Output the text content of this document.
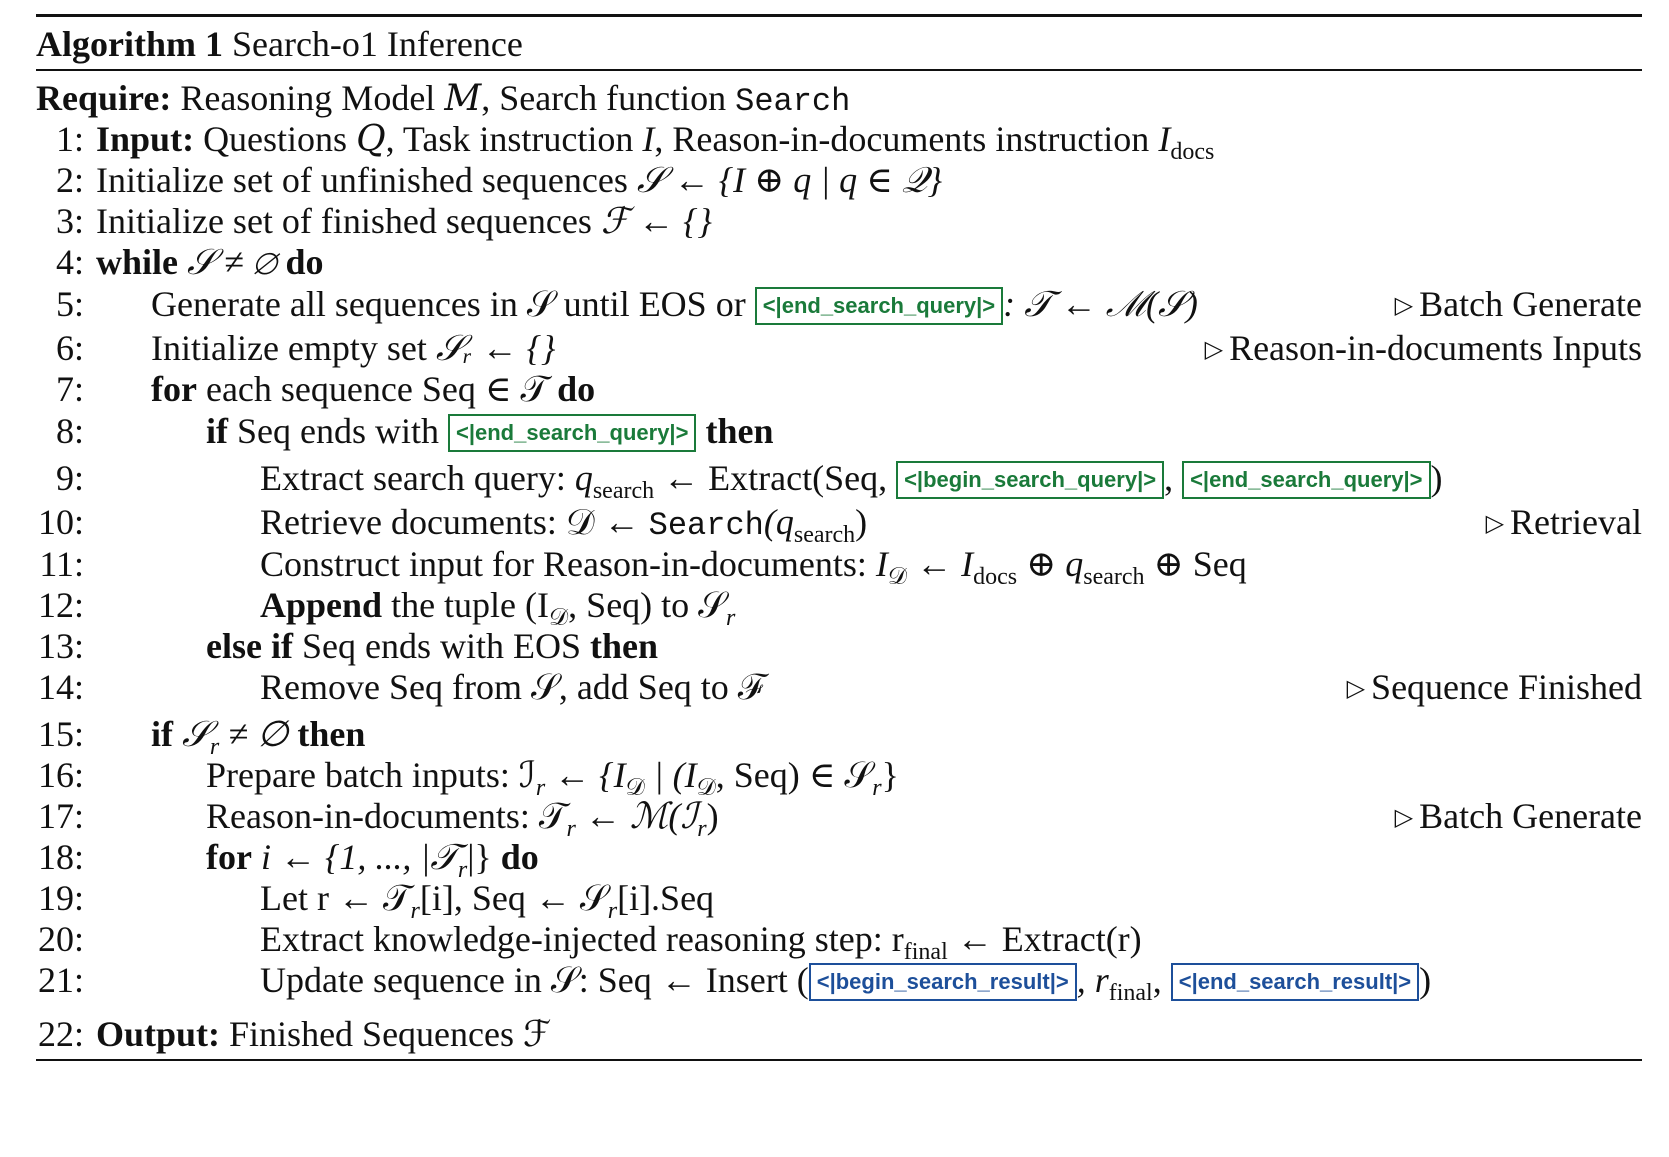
Algorithm 1 Search-o1 Inference
Require: Reasoning Model M, Search function Search
1: Input: Questions Q, Task instruction I, Reason-in-documents instruction $I_{docs}$
2: Initialize set of unfinished sequences 𝒮 ← {I ⊕ q | q ∈ 𝒬}
3: Initialize set of finished sequences ℱ ← {}
4: while 𝒮 ≠ ∅ do
5: Generate all sequences in 𝒮 until EOS or <|end_search_query|> : 𝒯 ← ℳ(𝒮)	▷ Batch Generate
6: Initialize empty set 𝒮ᵣ ← {}	▷ Reason-in-documents Inputs
7: for each sequence Seq ∈ 𝒯 do
8:	if Seq ends with <|end_search_query|> then
9:	Extract search query: $q_{search}$ ← Extract(Seq, <|begin_search_query|> , <|end_search_query|> )
10:	Retrieve documents: 𝒟 ← $Search(q_{search})$	▷ Retrieval
11:	Construct input for Reason-in-documents: $I_𝒟$ ← $I_{docs}$ ⊕ $q_{search}$ ⊕ Seq
12:	Append the tuple ($I_𝒟$, Seq) to 𝒮$_r$
13:	else if Seq ends with EOS then
14:	Remove Seq from 𝒮, add Seq to ℱ	▷ Sequence Finished
15: if 𝒮$_r$ ≠ ∅ then
16:	Prepare batch inputs: ℐ$_r$ ← {$I_𝒟$ | ($I_𝒟$, Seq) ∈ 𝒮$_r$}
17:	Reason-in-documents: 𝒯$_r$ ← ℳ(ℐ$_r$)	▷ Batch Generate
18:	for i ← {1, ..., |𝒯$_r$|} do
19:	Let r ← 𝒯$_r$[i], Seq ← 𝒮$_r$[i].Seq
20:	Extract knowledge-injected reasoning step: $r_{final}$ ← Extract(r)
21:	Update sequence in 𝒮: Seq ← Insert ( <|begin_search_result|> , $r_{final}$, <|end_search_result|> )
22: Output: Finished Sequences ℱ
